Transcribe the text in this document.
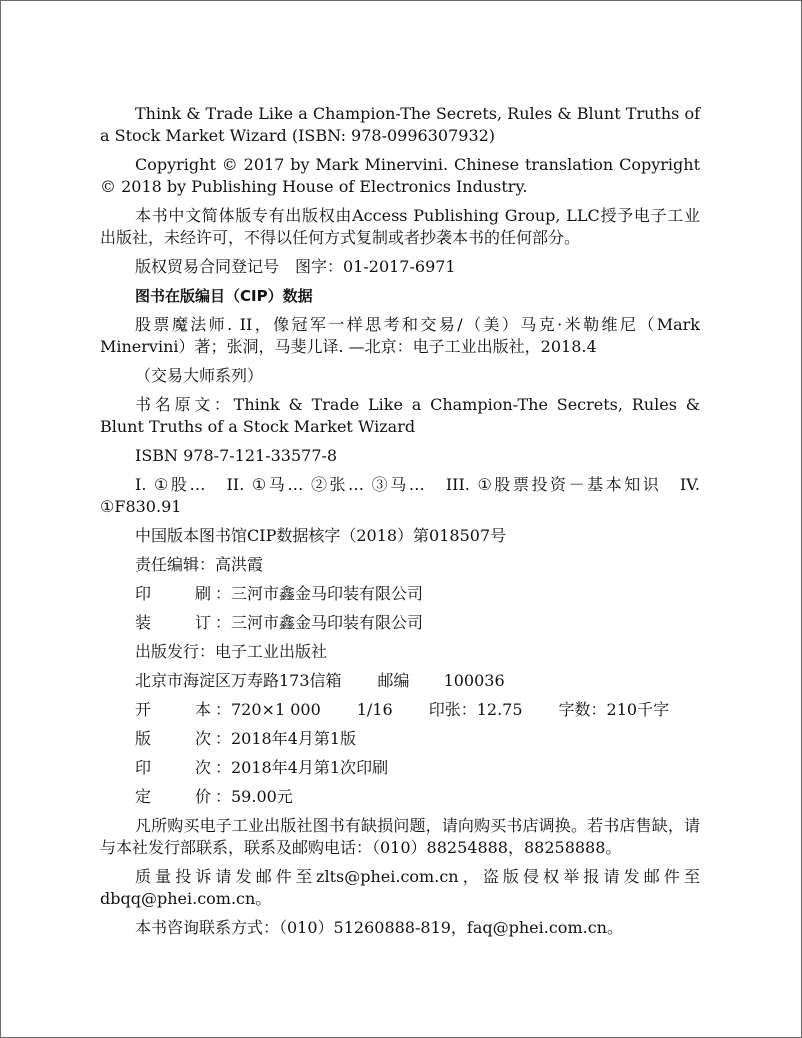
Think & Trade Like a Champion-The Secrets, Rules & Blunt Truths of a Stock Market Wizard (ISBN: 978-0996307932)

Copyright © 2017 by Mark Minervini. Chinese translation Copyright © 2018 by Publishing House of Electronics Industry.

本书中文简体版专有出版权由Access Publishing Group, LLC授予电子工业出版社，未经许可，不得以任何方式复制或者抄袭本书的任何部分。

版权贸易合同登记号　图字：01-2017-6971
图书在版编目（CIP）数据

股票魔法师. II，像冠军一样思考和交易/（美）马克·米勒维尼（Mark Minervini）著；张洞，马斐儿译. —北京：电子工业出版社，2018.4

（交易大师系列）

书名原文：Think & Trade Like a Champion-The Secrets, Rules & Blunt Truths of a Stock Market Wizard

ISBN 978-7-121-33577-8

I. ①股…　II. ①马… ②张… ③马…　III. ①股票投资－基本知识　IV. ①F830.91

中国版本图书馆CIP数据核字（2018）第018507号
责任编辑：高洪霞
印　　刷：三河市鑫金马印装有限公司
装　　订：三河市鑫金马印装有限公司
出版发行：电子工业出版社
北京市海淀区万寿路173信箱 邮编 100036
开　　本：720×1 000 1/16 印张：12.75 字数：210千字
版　　次：2018年4月第1版
印　　次：2018年4月第1次印刷
定　　价：59.00元

凡所购买电子工业出版社图书有缺损问题，请向购买书店调换。若书店售缺，请与本社发行部联系，联系及邮购电话：（010）88254888，88258888。

质量投诉请发邮件至zlts@phei.com.cn，盗版侵权举报请发邮件至dbqq@phei.com.cn。

本书咨询联系方式：（010）51260888-819，faq@phei.com.cn。
